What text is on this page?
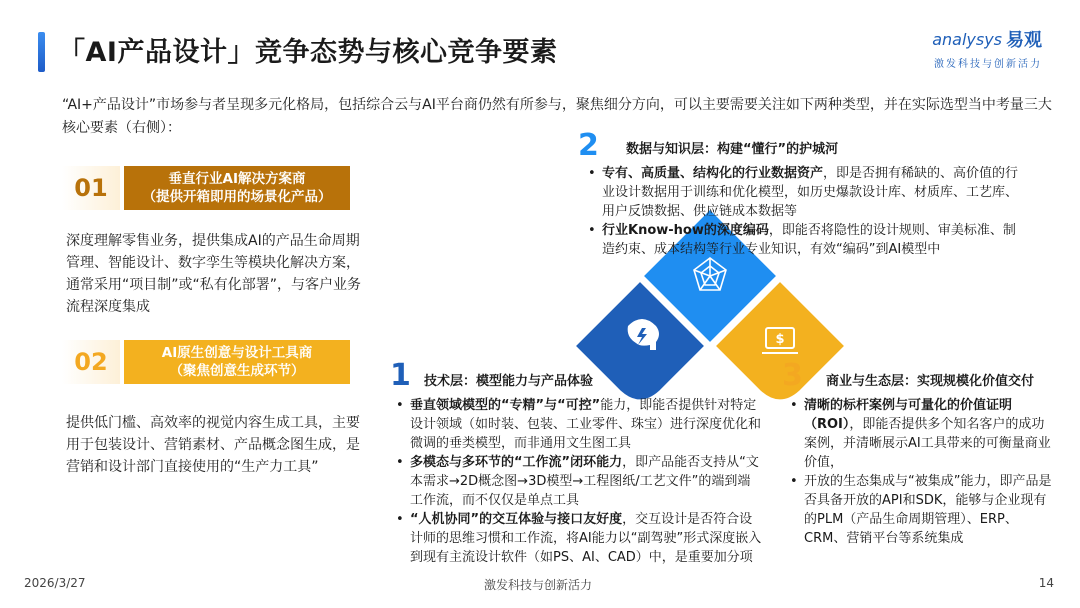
「AI产品设计」竞争态势与核心竞争要素	analysys 易观
激发科技与创新活力

“AI+产品设计”市场参与者呈现多元化格局，包括综合云与AI平台商仍然有所参与，聚焦细分方向，可以主要需要关注如下两种类型，并在实际选型当中考量三大核心要素（右侧）：

01	垂直行业AI解决方案商
（提供开箱即用的场景化产品）

深度理解零售业务，提供集成AI的产品生命周期管理、智能设计、数字孪生等模块化解决方案，通常采用“项目制”或“私有化部署”，与客户业务流程深度集成

02	AI原生创意与设计工具商
（聚焦创意生成环节）

提供低门槛、高效率的视觉内容生成工具，主要用于包装设计、营销素材、产品概念图生成，是营销和设计部门直接使用的“生产力工具”

$
2 数据与知识层：构建“懂行”的护城河
• 专有、高质量、结构化的行业数据资产，即是否拥有稀缺的、高价值的行业设计数据用于训练和优化模型，如历史爆款设计库、材质库、工艺库、用户反馈数据、供应链成本数据等
• 行业Know-how的深度编码，即能否将隐性的设计规则、审美标准、制造约束、成本结构等行业专业知识，有效“编码”到AI模型中
1 技术层：模型能力与产品体验
• 垂直领域模型的“专精”与“可控”能力，即能否提供针对特定设计领域（如时装、包装、工业零件、珠宝）进行深度优化和微调的垂类模型，而非通用文生图工具
• 多模态与多环节的“工作流”闭环能力，即产品能否支持从“文本需求→2D概念图→3D模型→工程图纸/工艺文件”的端到端工作流，而不仅仅是单点工具
• “人机协同”的交互体验与接口友好度，交互设计是否符合设计师的思维习惯和工作流，将AI能力以“副驾驶”形式深度嵌入到现有主流设计软件（如PS、AI、CAD）中，是重要加分项
3 商业与生态层：实现规模化价值交付
• 清晰的标杆案例与可量化的价值证明（ROI），即能否提供多个知名客户的成功案例，并清晰展示AI工具带来的可衡量商业价值，
• 开放的生态集成与“被集成”能力，即产品是否具备开放的API和SDK，能够与企业现有的PLM（产品生命周期管理）、ERP、CRM、营销平台等系统集成
2026/3/27	激发科技与创新活力	14
